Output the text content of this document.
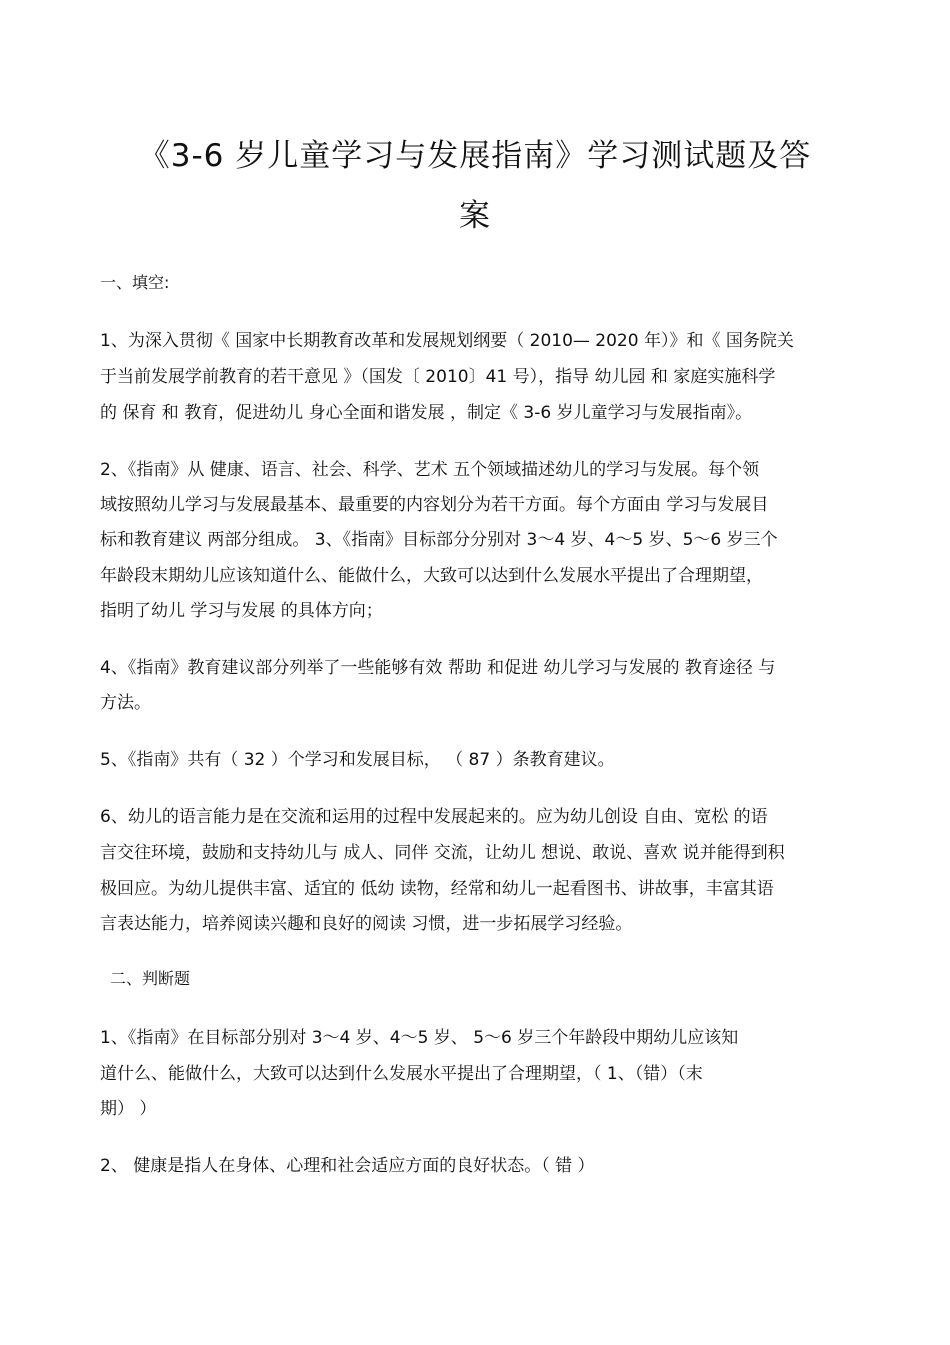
《3-6 岁儿童学习与发展指南》学习测试题及答
案

一、填空:

1、为深入贯彻《 国家中长期教育改革和发展规划纲要（ 2010— 2020 年）》和《 国务院关

于当前发展学前教育的若干意见 》（国发〔 2010〕41 号），指导 幼儿园 和 家庭实施科学

的 保育 和 教育，促进幼儿 身心全面和谐发展 ，制定《 3-6 岁儿童学习与发展指南》。

2、《指南》从 健康、语言、社会、科学、艺术 五个领域描述幼儿的学习与发展。每个领

域按照幼儿学习与发展最基本、最重要的内容划分为若干方面。每个方面由 学习与发展目

标和教育建议 两部分组成。 3、《指南》目标部分分别对 3～4 岁、4～5 岁、5～6 岁三个

年龄段末期幼儿应该知道什么、能做什么，大致可以达到什么发展水平提出了合理期望，

指明了幼儿 学习与发展 的具体方向；

4、《指南》教育建议部分列举了一些能够有效 帮助 和促进 幼儿学习与发展的 教育途径 与

方法。

5、《指南》共有（ 32 ）个学习和发展目标， （ 87 ）条教育建议。

6、幼儿的语言能力是在交流和运用的过程中发展起来的。应为幼儿创设 自由、宽松 的语

言交往环境，鼓励和支持幼儿与 成人、同伴 交流，让幼儿 想说、敢说、喜欢 说并能得到积

极回应。为幼儿提供丰富、适宜的 低幼 读物，经常和幼儿一起看图书、讲故事，丰富其语

言表达能力，培养阅读兴趣和良好的阅读 习惯，进一步拓展学习经验。

二、判断题

1、《指南》在目标部分别对 3～4 岁、4～5 岁、 5～6 岁三个年龄段中期幼儿应该知

道什么、能做什么，大致可以达到什么发展水平提出了合理期望，（ 1、（错）（末

期） ）

2、 健康是指人在身体、心理和社会适应方面的良好状态。（ 错 ）
